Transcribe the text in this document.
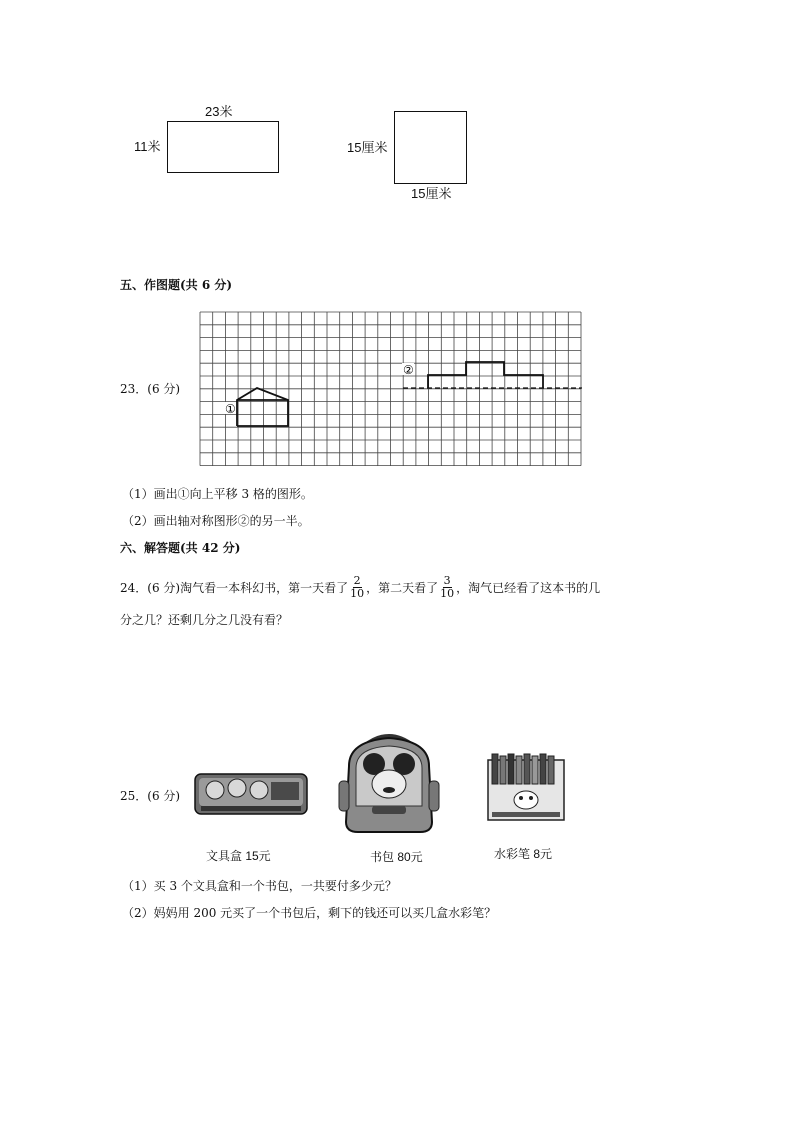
23米
11米	15厘米
15厘米
五、作图题(共 6 分)
23．(6 分)
①
②
（1）画出①向上平移 3 格的图形。
（2）画出轴对称图形②的另一半。
六、解答题(共 42 分)
24．(6 分) 淘气看一本科幻书，第一天看了 $\frac{2}{10}$ ，第二天看了 $\frac{3}{10}$ ，淘气已经看了这本书的几
分之几？还剩几分之几没有看？
25．(6 分)
文具盒 15元	书包 80元	水彩笔 8元
（1）买 3 个文具盒和一个书包，一共要付多少元？
（2）妈妈用 200 元买了一个书包后，剩下的钱还可以买几盒水彩笔？
